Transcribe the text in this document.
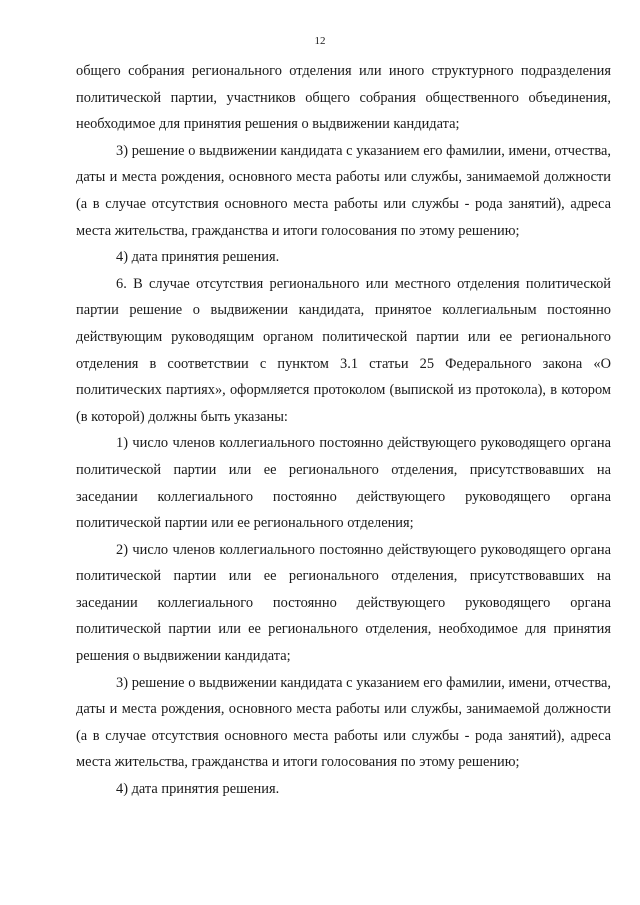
12

общего собрания регионального отделения или иного структурного подразделения политической партии, участников общего собрания общественного объединения, необходимое для принятия решения о выдвижении кандидата;

3) решение о выдвижении кандидата с указанием его фамилии, имени, отчества, даты и места рождения, основного места работы или службы, занимаемой должности (а в случае отсутствия основного места работы или службы - рода занятий), адреса места жительства, гражданства и итоги голосования по этому решению;

4) дата принятия решения.

6. В случае отсутствия регионального или местного отделения политической партии решение о выдвижении кандидата, принятое коллегиальным постоянно действующим руководящим органом политической партии или ее регионального отделения в соответствии с пунктом 3.1 статьи 25 Федерального закона «О политических партиях», оформляется протоколом (выпиской из протокола), в котором (в которой) должны быть указаны:

1) число членов коллегиального постоянно действующего руководящего органа политической партии или ее регионального отделения, присутствовавших на заседании коллегиального постоянно действующего руководящего органа политической партии или ее регионального отделения;

2) число членов коллегиального постоянно действующего руководящего органа политической партии или ее регионального отделения, присутствовавших на заседании коллегиального постоянно действующего руководящего органа политической партии или ее регионального отделения, необходимое для принятия решения о выдвижении кандидата;

3) решение о выдвижении кандидата с указанием его фамилии, имени, отчества, даты и места рождения, основного места работы или службы, занимаемой должности (а в случае отсутствия основного места работы или службы - рода занятий), адреса места жительства, гражданства и итоги голосования по этому решению;

4) дата принятия решения.
